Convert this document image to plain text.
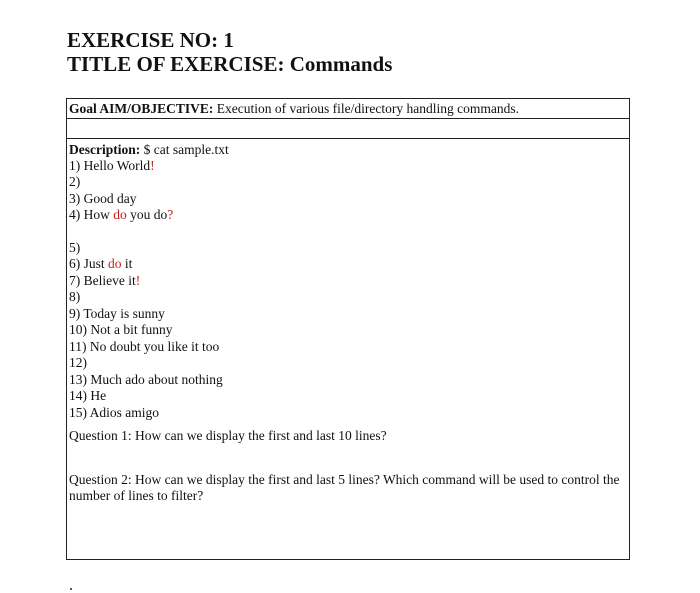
EXERCISE NO: 1
TITLE OF EXERCISE: Commands
Goal AIM/OBJECTIVE: Execution of various file/directory handling commands.
Description: $ cat sample.txt
1) Hello World!
2)
3) Good day
4) How do you do?
5)
6) Just do it
7) Believe it!
8)
9) Today is sunny
10) Not a bit funny
11) No doubt you like it too
12)
13) Much ado about nothing
14) He
15) Adios amigo
Question 1: How can we display the first and last 10 lines?
Question 2: How can we display the first and last 5 lines? Which command will be used to control the number of lines to filter?
